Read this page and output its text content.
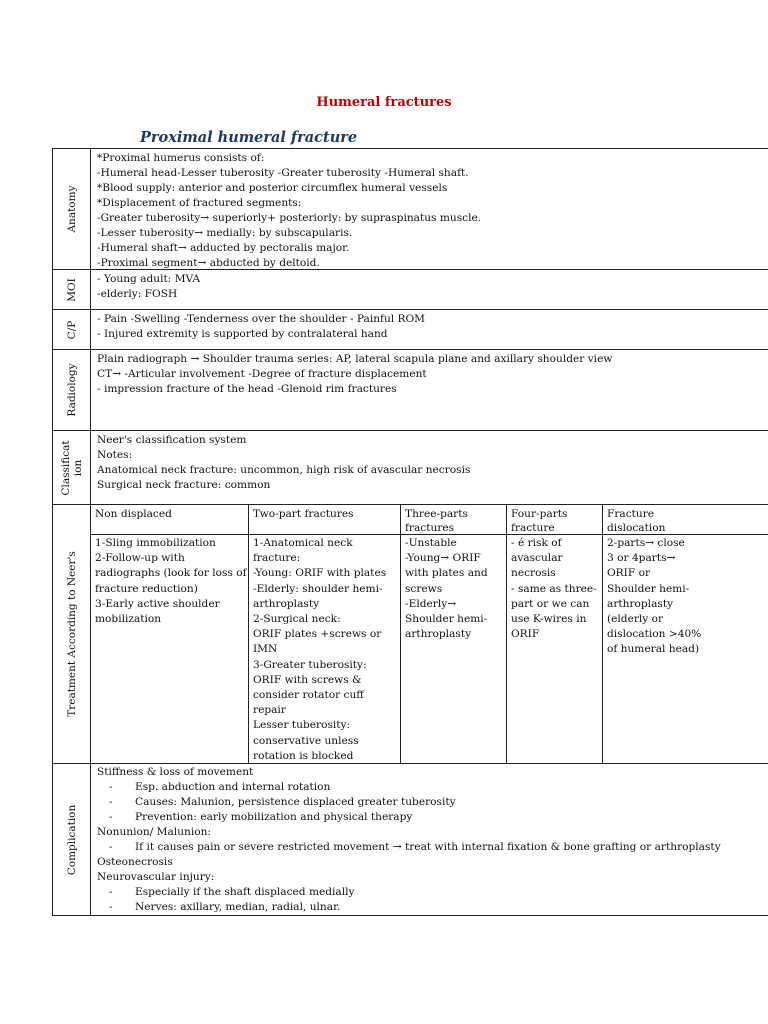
Humeral fractures
Proximal humeral fracture
Anatomy
*Proximal humerus consists of:
-Humeral head-Lesser tuberosity -Greater tuberosity -Humeral shaft.
*Blood supply: anterior and posterior circumflex humeral vessels
*Displacement of fractured segments:
-Greater tuberosity→ superiorly+ posteriorly: by supraspinatus muscle.
-Lesser tuberosity→ medially: by subscapularis.
-Humeral shaft→ adducted by pectoralis major.
-Proximal segment→ abducted by deltoid.
MOI - Young adult: MVA
-elderly: FOSH
C/P
- Pain -Swelling -Tenderness over the shoulder - Painful ROM
- Injured extremity is supported by contralateral hand
Radiology
Plain radiograph → Shoulder trauma series: AP, lateral scapula plane and axillary shoulder view
CT→ -Articular involvement -Degree of fracture displacement
- impression fracture of the head -Glenoid rim fractures
Classificat ion
Neer's classification system
Notes:
Anatomical neck fracture: uncommon, high risk of avascular necrosis
Surgical neck fracture: common
Treatment According to Neer's
Non displaced
1-Sling immobilization
2-Follow-up with
radiographs (look for loss of
fracture reduction)
3-Early active shoulder
mobilization
Two-part fractures
1-Anatomical neck
fracture:
-Young: ORIF with plates
-Elderly: shoulder hemi-
arthroplasty
2-Surgical neck:
ORIF plates +screws or
IMN
3-Greater tuberosity:
ORIF with screws &
consider rotator cuff
repair
Lesser tuberosity:
conservative unless
rotation is blocked
Three-parts
fractures
-Unstable
-Young→ ORIF
with plates and
screws
-Elderly→
Shoulder hemi-
arthroplasty
Four-parts
fracture
- é risk of
avascular
necrosis
- same as three-
part or we can
use K-wires in
ORIF
Fracture
dislocation
2-parts→ close
3 or 4parts→
ORIF or
Shoulder hemi-
arthroplasty
(elderly or
dislocation >40%
of humeral head)
Complication
Stiffness & loss of movement
- Esp. abduction and internal rotation
- Causes: Malunion, persistence displaced greater tuberosity
- Prevention: early mobilization and physical therapy
Nonunion/ Malunion:
- If it causes pain or severe restricted movement → treat with internal fixation & bone grafting or arthroplasty
Osteonecrosis
Neurovascular injury:
- Especially if the shaft displaced medially
- Nerves: axillary, median, radial, ulnar.
